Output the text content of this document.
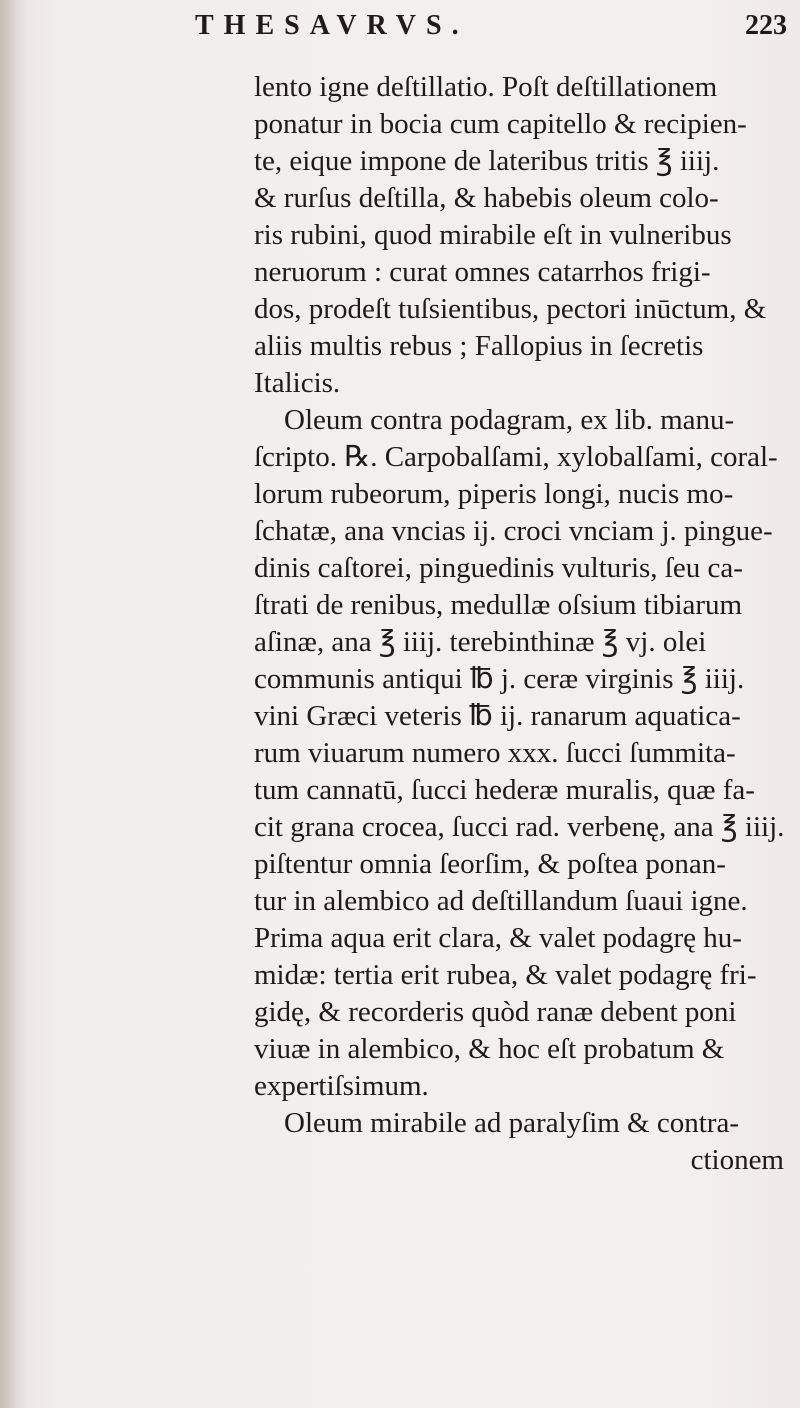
THESAVRVS.	223
lento igne deſtillatio. Poſt deſtillationem
ponatur in bocia cum capitello & recipien-
te, eique impone de lateribus tritis ℥ iiij.
& rurſus deſtilla, & habebis oleum colo-
ris rubini, quod mirabile eſt in vulneribus
neruorum : curat omnes catarrhos frigi-
dos, prodeſt tuſsientibus, pectori inūctum, &
aliis multis rebus ; Fallopius in ſecretis
Italicis.
Oleum contra podagram, ex lib. manu-
ſcripto. ℞. Carpobalſami, xylobalſami, coral-
lorum rubeorum, piperis longi, nucis mo-
ſchatæ, ana vncias ij. croci vnciam j. pingue-
dinis caſtorei, pinguedinis vulturis, ſeu ca-
ſtrati de renibus, medullæ oſsium tibiarum
aſinæ, ana ℥ iiij. terebinthinæ ℥ vj. olei
communis antiqui ℔ j. ceræ virginis ℥ iiij.
vini Græci veteris ℔ ij. ranarum aquatica-
rum viuarum numero xxx. ſucci ſummita-
tum cannatū, ſucci hederæ muralis, quæ fa-
cit grana crocea, ſucci rad. verbenę, ana ℥ iiij.
piſtentur omnia ſeorſim, & poſtea ponan-
tur in alembico ad deſtillandum ſuaui igne.
Prima aqua erit clara, & valet podagrę hu-
midæ: tertia erit rubea, & valet podagrę fri-
gidę, & recorderis quòd ranæ debent poni
viuæ in alembico, & hoc eſt probatum &
expertiſsimum.
Oleum mirabile ad paralyſim & contra-
ctionem
